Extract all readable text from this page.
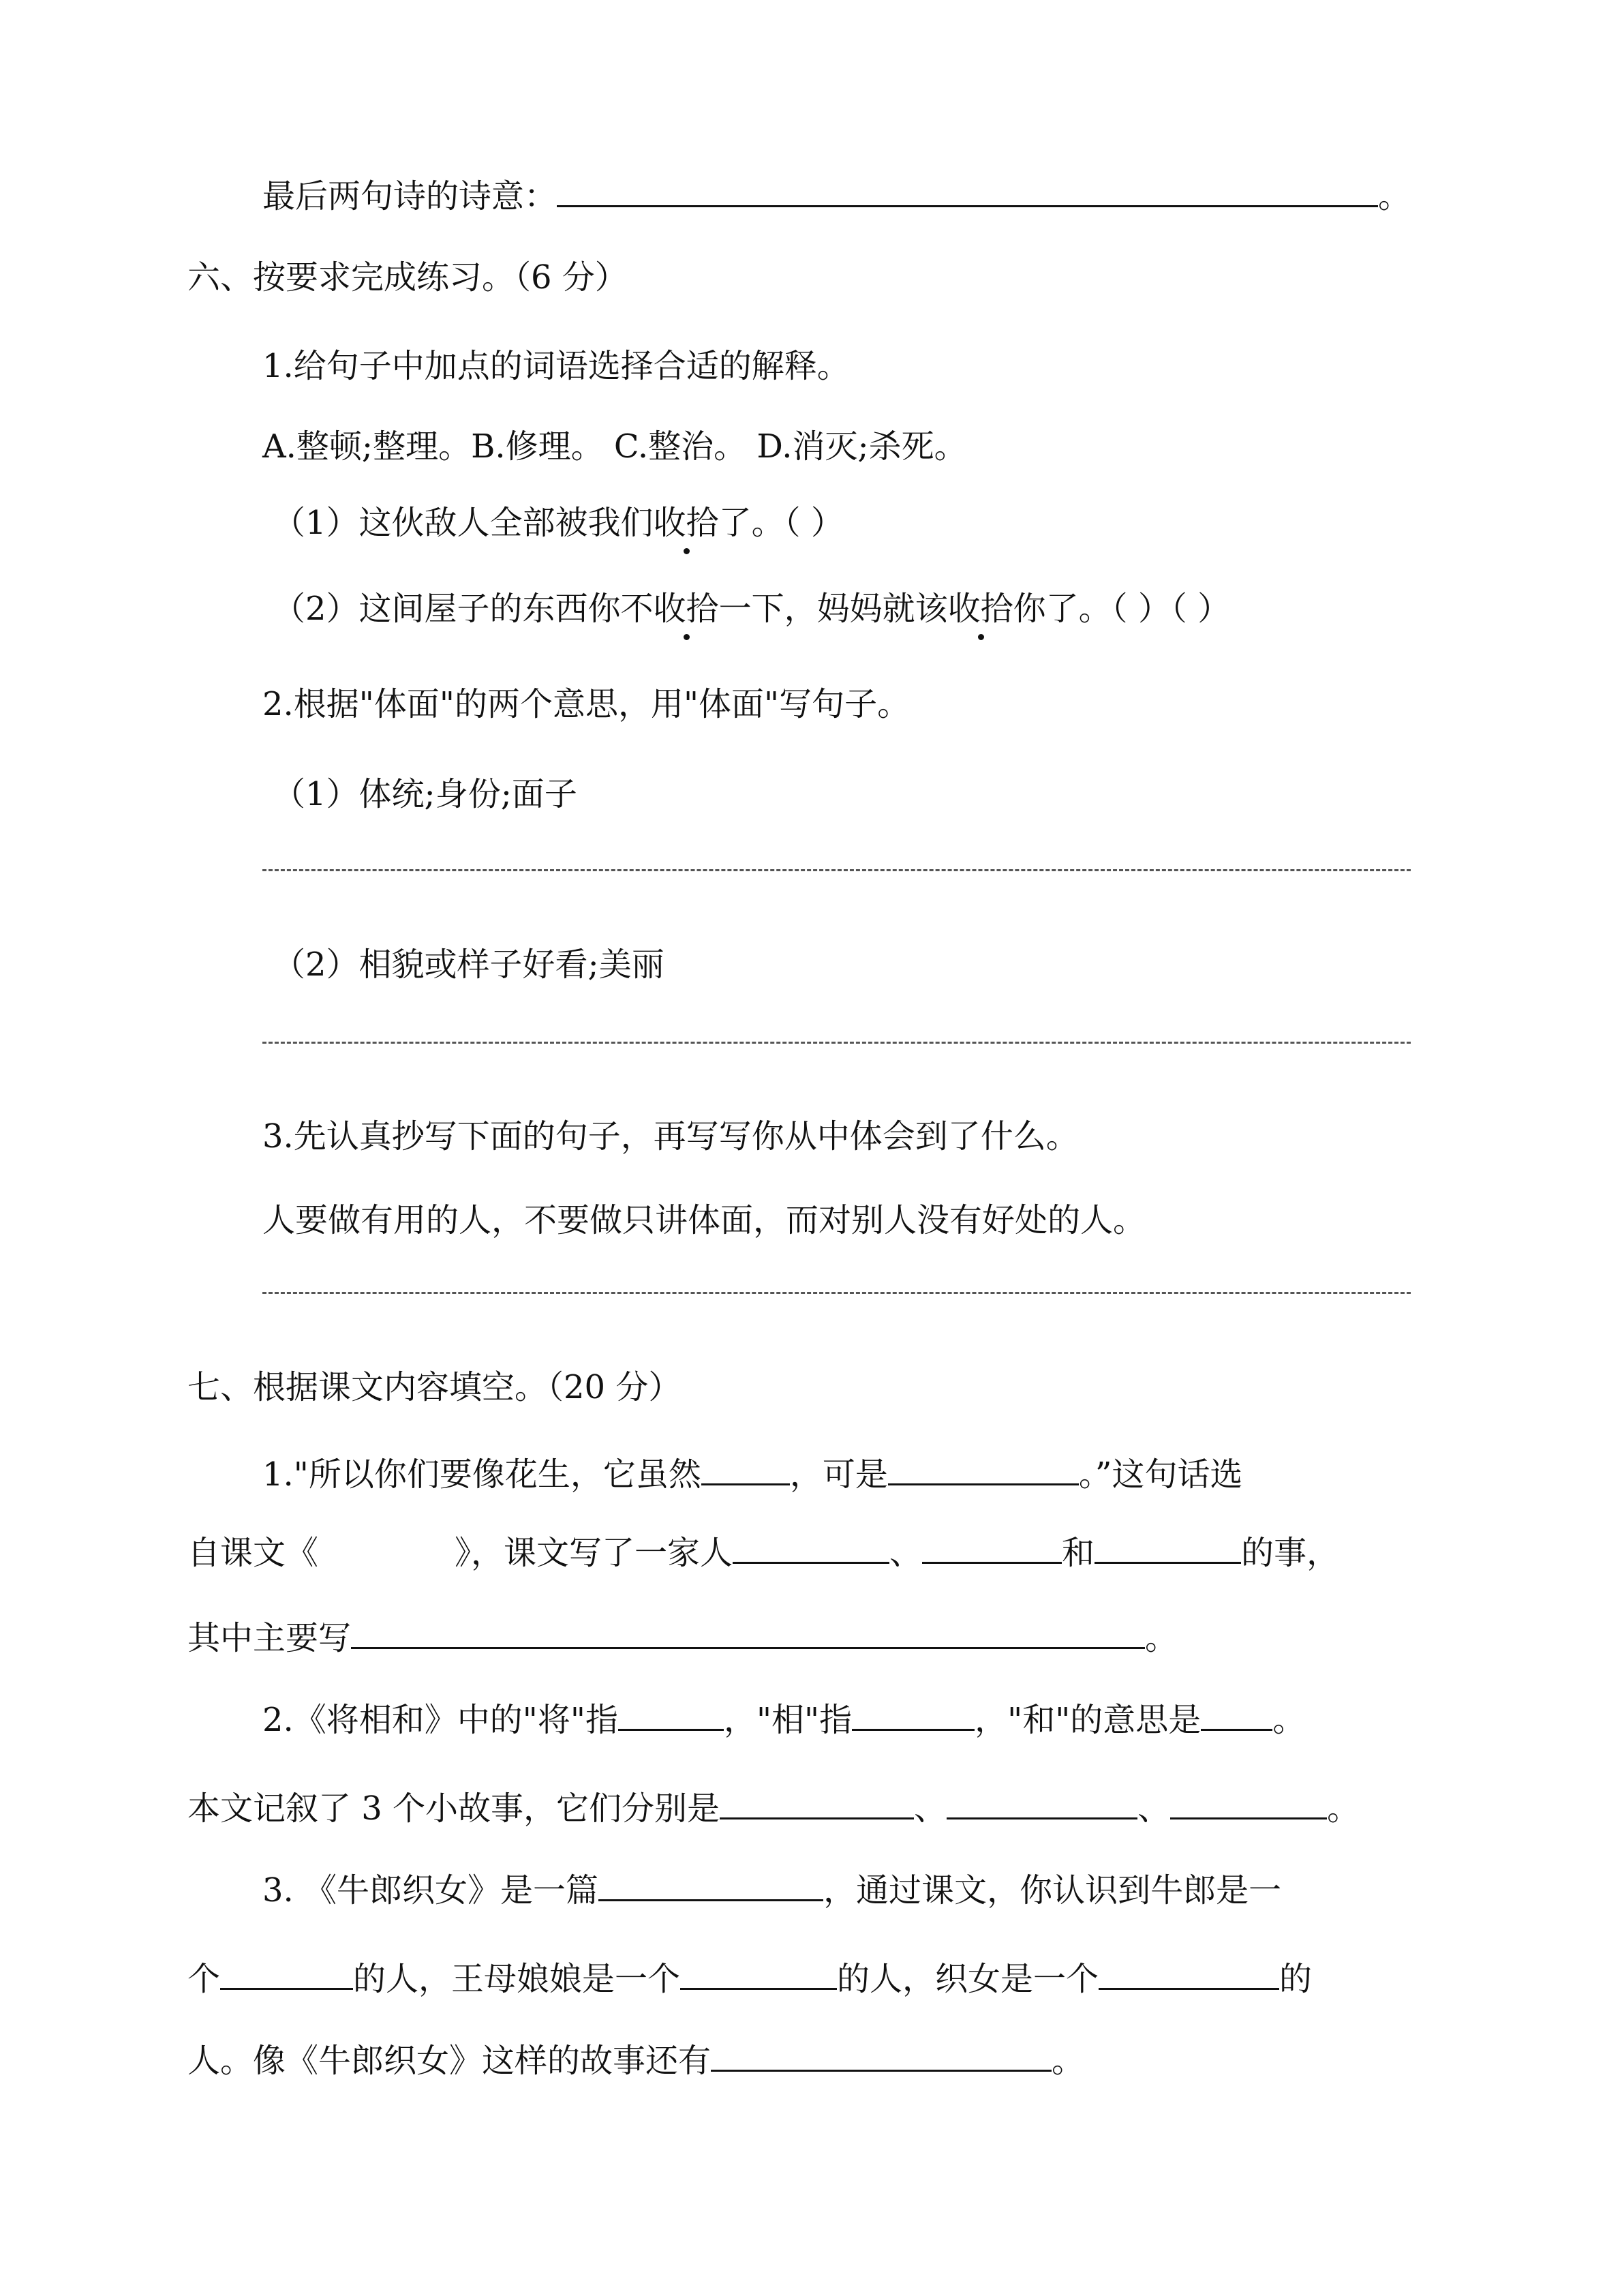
最后两句诗的诗意：	。
六、按要求完成练习。（6 分）
1.给句子中加点的词语选择合适的解释。
A.整顿;整理。B.修理。 C.整治。 D.消灭;杀死。
（1）这伙敌人全部被我们收拾了。（ ）
（2）这间屋子的东西你不收拾一下，妈妈就该收拾你了。（ ）（ ）
2.根据"体面"的两个意思，用"体面"写句子。
（1）体统;身份;面子
（2）相貌或样子好看;美丽
3.先认真抄写下面的句子，再写写你从中体会到了什么。
人要做有用的人，不要做只讲体面，而对别人没有好处的人。
七、根据课文内容填空。（20 分）
1."所以你们要像花生，它虽然	，可是	。”这句话选
自课文《	》，课文写了一家人	、	和	的事，
其中主要写	。
2.《将相和》中的"将"指	，"相"指	，"和"的意思是 。
本文记叙了 3 个小故事，它们分别是	、	、	。
3. 《牛郎织女》是一篇	，通过课文，你认识到牛郎是一
个	的人，王母娘娘是一个	的人，织女是一个	的
人。像《牛郎织女》这样的故事还有	。
